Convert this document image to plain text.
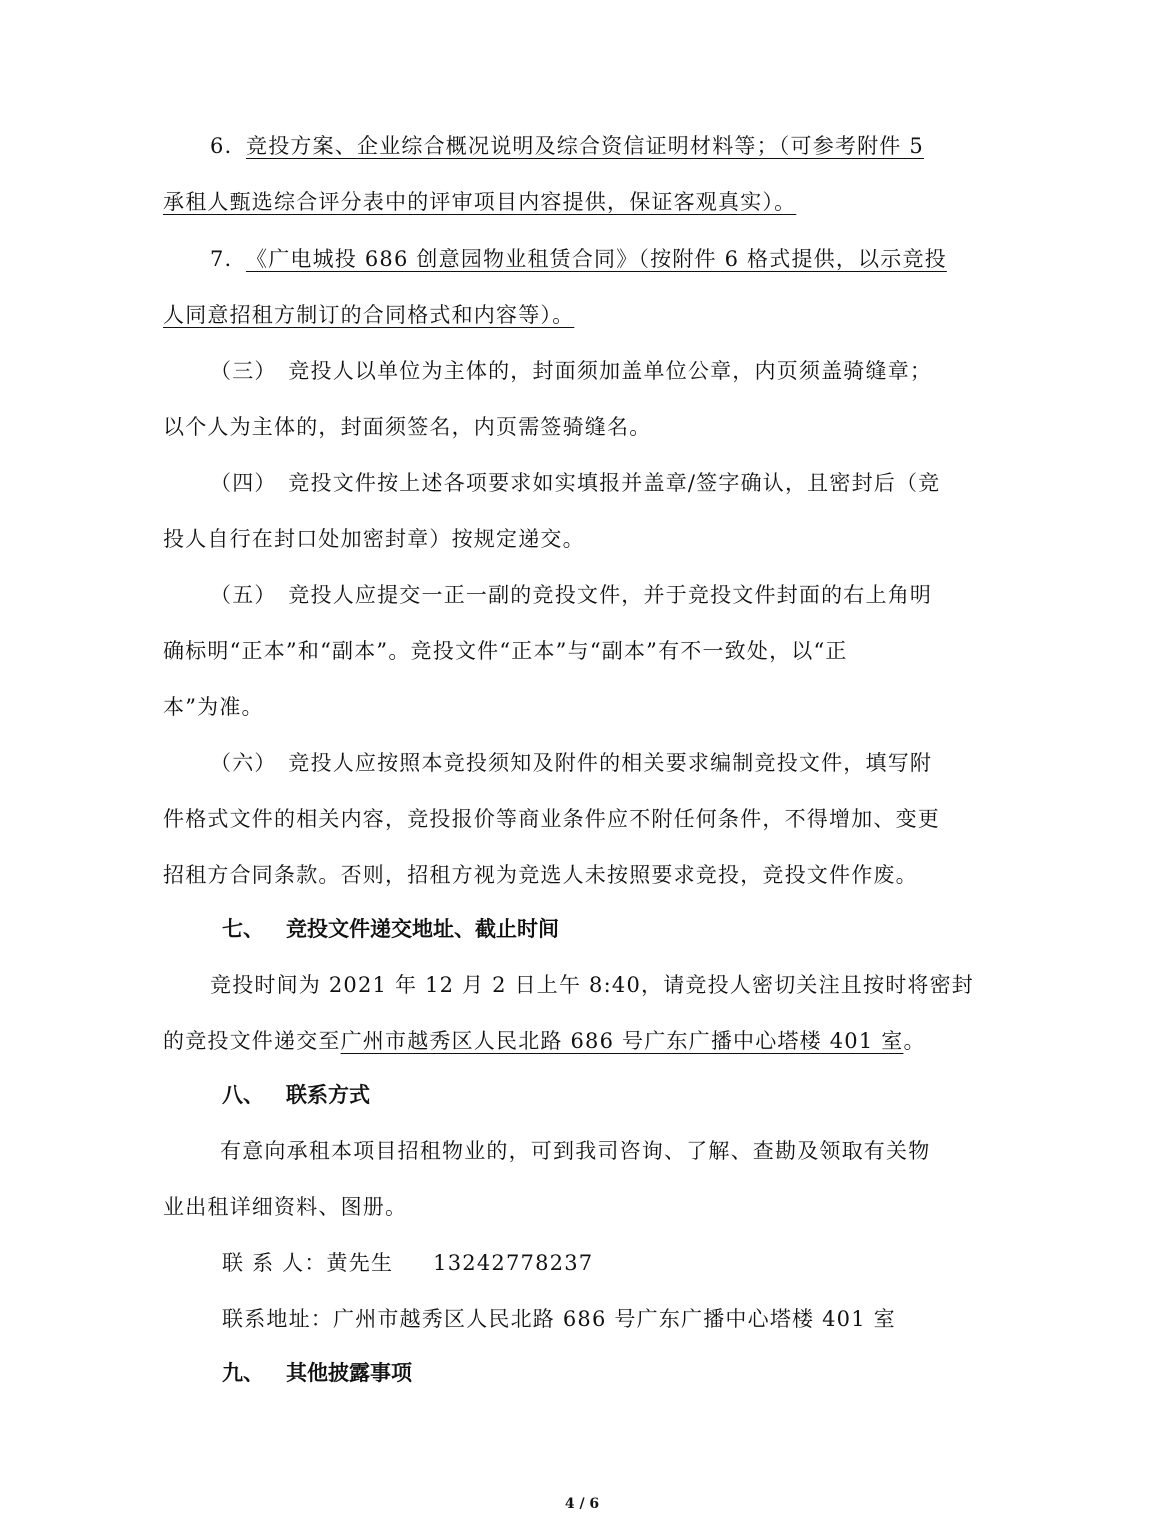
6. 竞投方案、企业综合概况说明及综合资信证明材料等；（可参考附件 5
承租人甄选综合评分表中的评审项目内容提供，保证客观真实）。
7. 《广电城投 686 创意园物业租赁合同》（按附件 6 格式提供，以示竞投
人同意招租方制订的合同格式和内容等）。
（三）　竞投人以单位为主体的，封面须加盖单位公章，内页须盖骑缝章；
以个人为主体的，封面须签名，内页需签骑缝名。
（四）　竞投文件按上述各项要求如实填报并盖章/签字确认，且密封后（竞
投人自行在封口处加密封章）按规定递交。
（五）　竞投人应提交一正一副的竞投文件，并于竞投文件封面的右上角明
确标明“正本”和“副本”。竞投文件“正本”与“副本”有不一致处，以“正
本”为准。
（六）　竞投人应按照本竞投须知及附件的相关要求编制竞投文件，填写附
件格式文件的相关内容，竞投报价等商业条件应不附任何条件，不得增加、变更
招租方合同条款。否则，招租方视为竞选人未按照要求竞投，竞投文件作废。
七、 竞投文件递交地址、截止时间
竞投时间为 2021 年 12 月 2 日上午 8:40，请竞投人密切关注且按时将密封
的竞投文件递交至广州市越秀区人民北路 686 号广东广播中心塔楼 401 室。
八、 联系方式
有意向承租本项目招租物业的，可到我司咨询、了解、查勘及领取有关物
业出租详细资料、图册。
联 系 人：黄先生 13242778237
联系地址：广州市越秀区人民北路 686 号广东广播中心塔楼 401 室
九、 其他披露事项
4 / 6
